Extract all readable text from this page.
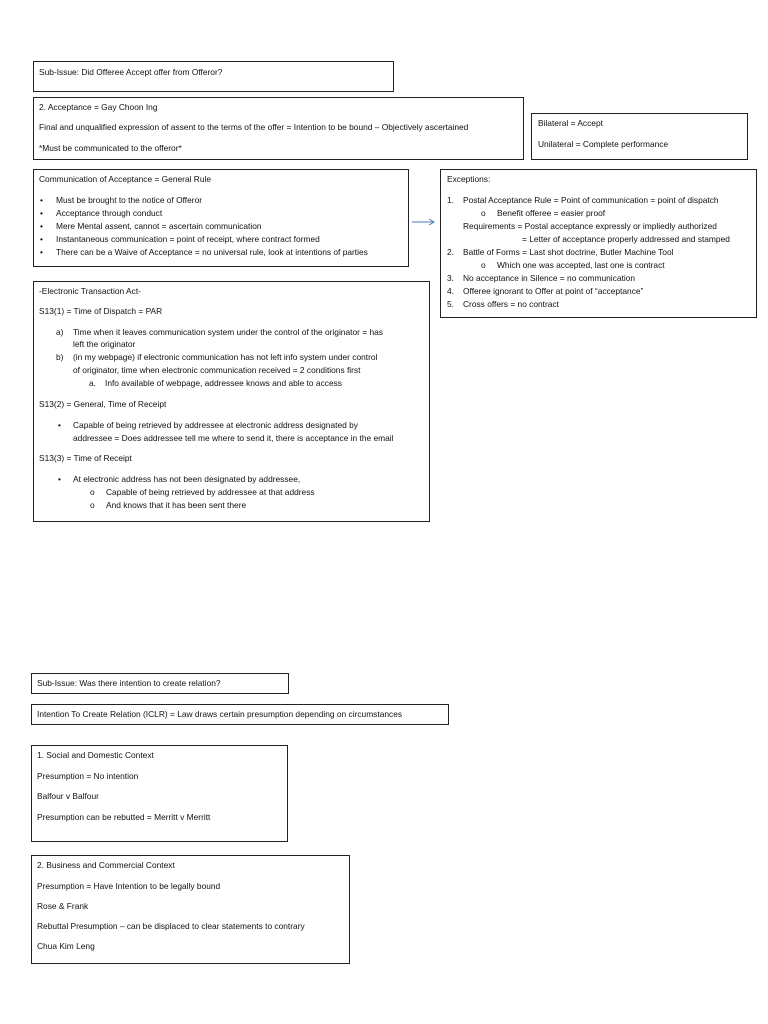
Sub-Issue: Did Offeree Accept offer from Offeror?
2. Acceptance = Gay Choon Ing
Final and unqualified expression of assent to the terms of the offer = Intention to be bound – Objectively ascertained
*Must be communicated to the offeror*
Bilateral = Accept
Unilateral = Complete performance
Communication of Acceptance = General Rule
• Must be brought to the notice of Offeror
• Acceptance through conduct
• Mere Mental assent, cannot = ascertain communication
• Instantaneous communication = point of receipt, where contract formed
• There can be a Waive of Acceptance = no universal rule, look at intentions of parties
Exceptions:
1. Postal Acceptance Rule = Point of communication = point of dispatch
o Benefit offeree = easier proof
Requirements = Postal acceptance expressly or impliedly authorized
= Letter of acceptance properly addressed and stamped
2. Battle of Forms = Last shot doctrine, Butler Machine Tool
o Which one was accepted, last one is contract
3. No acceptance in Silence = no communication
4. Offeree ignorant to Offer at point of “acceptance”
5. Cross offers = no contract
-Electronic Transaction Act-
S13(1) = Time of Dispatch = PAR
a) Time when it leaves communication system under the control of the originator = has
left the originator
b) (in my webpage) if electronic communication has not left info system under control
of originator, time when electronic communication received = 2 conditions first
a. Info available of webpage, addressee knows and able to access
S13(2) = General, Time of Receipt
• Capable of being retrieved by addressee at electronic address designated by
addressee = Does addressee tell me where to send it, there is acceptance in the email
S13(3) = Time of Receipt
• At electronic address has not been designated by addressee,
o Capable of being retrieved by addressee at that address
o And knows that it has been sent there
Sub-Issue: Was there intention to create relation?
Intention To Create Relation (ICLR) = Law draws certain presumption depending on circumstances
1. Social and Domestic Context
Presumption = No intention
Balfour v Balfour
Presumption can be rebutted = Merritt v Merritt
2. Business and Commercial Context
Presumption = Have Intention to be legally bound
Rose & Frank
Rebuttal Presumption – can be displaced to clear statements to contrary
Chua Kim Leng
